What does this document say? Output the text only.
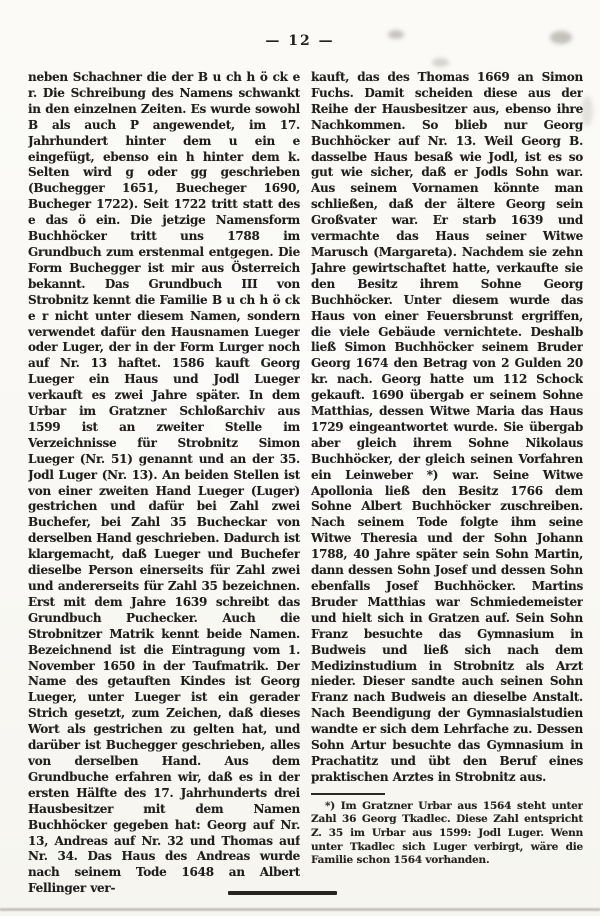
— 12 —

neben Schachner die der B u ch h ö ck e r. Die Schreibung des Namens schwankt in den einzelnen Zeiten. Es wurde sowohl B als auch P angewendet, im 17. Jahrhundert hinter dem u ein e eingefügt, ebenso ein h hinter dem k. Selten wird g oder gg geschrieben (Buchegger 1651, Buecheger 1690, Bucheger 1722). Seit 1722 tritt statt des e das ö ein. Die jetzige Namensform Buchhöcker tritt uns 1788 im Grundbuch zum erstenmal entgegen. Die Form Buchegger ist mir aus Österreich bekannt. Das Grundbuch III von Strobnitz kennt die Familie B u ch h ö ck e r nicht unter diesem Namen, sondern verwendet dafür den Hausnamen Lueger oder Luger, der in der Form Lurger noch auf Nr. 13 haftet. 1586 kauft Georg Lueger ein Haus und Jodl Lueger verkauft es zwei Jahre später. In dem Urbar im Gratzner Schloßarchiv aus 1599 ist an zweiter Stelle im Verzeichnisse für Strobnitz Simon Lueger (Nr. 51) genannt und an der 35. Jodl Luger (Nr. 13). An beiden Stellen ist von einer zweiten Hand Lueger (Luger) gestrichen und dafür bei Zahl zwei Buchefer, bei Zahl 35 Bucheckar von derselben Hand geschrieben. Dadurch ist klargemacht, daß Lueger und Buchefer dieselbe Person einerseits für Zahl zwei und andererseits für Zahl 35 bezeichnen. Erst mit dem Jahre 1639 schreibt das Grundbuch Puchecker. Auch die Strobnitzer Matrik kennt beide Namen. Bezeichnend ist die Eintragung vom 1. November 1650 in der Taufmatrik. Der Name des getauften Kindes ist Georg Lueger, unter Lueger ist ein gerader Strich gesetzt, zum Zeichen, daß dieses Wort als gestrichen zu gelten hat, und darüber ist Buchegger geschrieben, alles von derselben Hand. Aus dem Grundbuche erfahren wir, daß es in der ersten Hälfte des 17. Jahrhunderts drei Hausbesitzer mit dem Namen Buchhöcker gegeben hat: Georg auf Nr. 13, Andreas auf Nr. 32 und Thomas auf Nr. 34. Das Haus des Andreas wurde nach seinem Tode 1648 an Albert Fellinger ver-

kauft, das des Thomas 1669 an Simon Fuchs. Damit scheiden diese aus der Reihe der Hausbesitzer aus, ebenso ihre Nachkommen. So blieb nur Georg Buchhöcker auf Nr. 13. Weil Georg B. dasselbe Haus besaß wie Jodl, ist es so gut wie sicher, daß er Jodls Sohn war. Aus seinem Vornamen könnte man schließen, daß der ältere Georg sein Großvater war. Er starb 1639 und vermachte das Haus seiner Witwe Marusch (Margareta). Nachdem sie zehn Jahre gewirtschaftet hatte, verkaufte sie den Besitz ihrem Sohne Georg Buchhöcker. Unter diesem wurde das Haus von einer Feuersbrunst ergriffen, die viele Gebäude vernichtete. Deshalb ließ Simon Buchhöcker seinem Bruder Georg 1674 den Betrag von 2 Gulden 20 kr. nach. Georg hatte um 112 Schock gekauft. 1690 übergab er seinem Sohne Matthias, dessen Witwe Maria das Haus 1729 eingeantwortet wurde. Sie übergab aber gleich ihrem Sohne Nikolaus Buchhöcker, der gleich seinen Vorfahren ein Leinweber *) war. Seine Witwe Apollonia ließ den Besitz 1766 dem Sohne Albert Buchhöcker zuschreiben. Nach seinem Tode folgte ihm seine Witwe Theresia und der Sohn Johann 1788, 40 Jahre später sein Sohn Martin, dann dessen Sohn Josef und dessen Sohn ebenfalls Josef Buchhöcker. Martins Bruder Matthias war Schmiedemeister und hielt sich in Gratzen auf. Sein Sohn Franz besuchte das Gymnasium in Budweis und ließ sich nach dem Medizinstudium in Strobnitz als Arzt nieder. Dieser sandte auch seinen Sohn Franz nach Budweis an dieselbe Anstalt. Nach Beendigung der Gymnasialstudien wandte er sich dem Lehrfache zu. Dessen Sohn Artur besuchte das Gymnasium in Prachatitz und übt den Beruf eines praktischen Arztes in Strobnitz aus.

*) Im Gratzner Urbar aus 1564 steht unter Zahl 36 Georg Tkadlec. Diese Zahl entspricht Z. 35 im Urbar aus 1599: Jodl Luger. Wenn unter Tkadlec sich Luger verbirgt, wäre die Familie schon 1564 vorhanden.
